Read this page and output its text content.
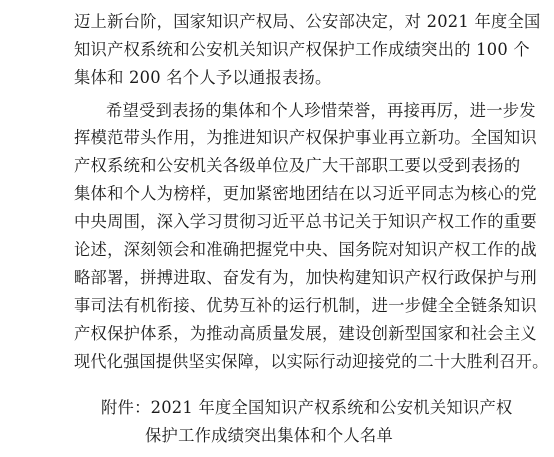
迈上新台阶，国家知识产权局、公安部决定，对 2021 年度全国
知识产权系统和公安机关知识产权保护工作成绩突出的 100 个
集体和 200 名个人予以通报表扬。
希望受到表扬的集体和个人珍惜荣誉，再接再厉，进一步发
挥模范带头作用，为推进知识产权保护事业再立新功。全国知识
产权系统和公安机关各级单位及广大干部职工要以受到表扬的
集体和个人为榜样，更加紧密地团结在以习近平同志为核心的党
中央周围，深入学习贯彻习近平总书记关于知识产权工作的重要
论述，深刻领会和准确把握党中央、国务院对知识产权工作的战
略部署，拼搏进取、奋发有为，加快构建知识产权行政保护与刑
事司法有机衔接、优势互补的运行机制，进一步健全全链条知识
产权保护体系，为推动高质量发展，建设创新型国家和社会主义
现代化强国提供坚实保障，以实际行动迎接党的二十大胜利召开。
附件：2021 年度全国知识产权系统和公安机关知识产权
保护工作成绩突出集体和个人名单
